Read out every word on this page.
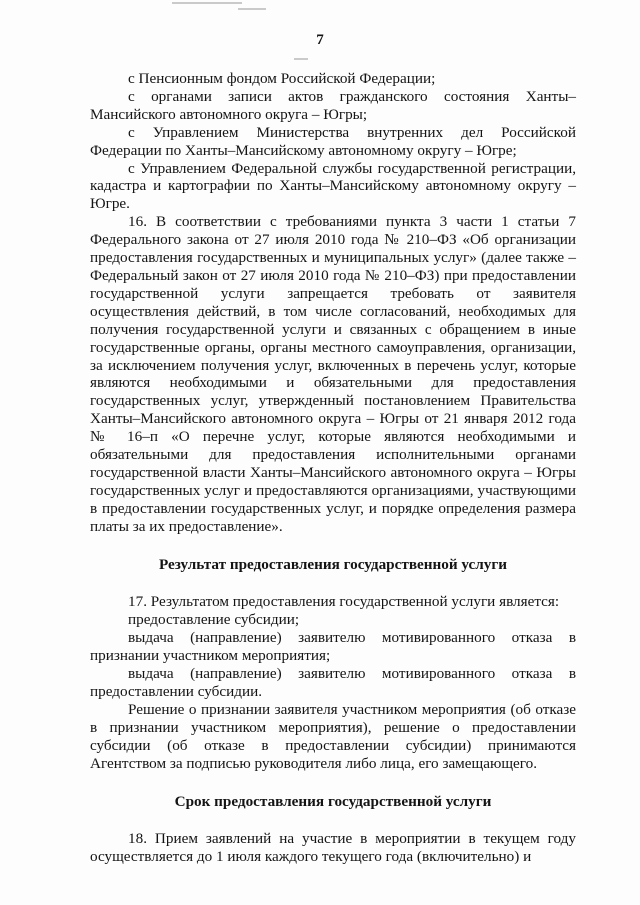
7

с Пенсионным фондом Российской Федерации;

с органами записи актов гражданского состояния Ханты–Мансийского автономного округа – Югры;

с Управлением Министерства внутренних дел Российской Федерации по Ханты–Мансийскому автономному округу – Югре;

с Управлением Федеральной службы государственной регистрации, кадастра и картографии по Ханты–Мансийскому автономному округу – Югре.

16. В соответствии с требованиями пункта 3 части 1 статьи 7 Федерального закона от 27 июля 2010 года № 210–ФЗ «Об организации предоставления государственных и муниципальных услуг» (далее также – Федеральный закон от 27 июля 2010 года № 210–ФЗ) при предоставлении государственной услуги запрещается требовать от заявителя осуществления действий, в том числе согласований, необходимых для получения государственной услуги и связанных с обращением в иные государственные органы, органы местного самоуправления, организации, за исключением получения услуг, включенных в перечень услуг, которые являются необходимыми и обязательными для предоставления государственных услуг, утвержденный постановлением Правительства Ханты–Мансийского автономного округа – Югры от 21 января 2012 года № 16–п «О перечне услуг, которые являются необходимыми и обязательными для предоставления исполнительными органами государственной власти Ханты–Мансийского автономного округа – Югры государственных услуг и предоставляются организациями, участвующими в предоставлении государственных услуг, и порядке определения размера платы за их предоставление».

Результат предоставления государственной услуги

17. Результатом предоставления государственной услуги является:

предоставление субсидии;

выдача (направление) заявителю мотивированного отказа в признании участником мероприятия;

выдача (направление) заявителю мотивированного отказа в предоставлении субсидии.

Решение о признании заявителя участником мероприятия (об отказе в признании участником мероприятия), решение о предоставлении субсидии (об отказе в предоставлении субсидии) принимаются Агентством за подписью руководителя либо лица, его замещающего.

Срок предоставления государственной услуги

18. Прием заявлений на участие в мероприятии в текущем году осуществляется до 1 июля каждого текущего года (включительно) и
